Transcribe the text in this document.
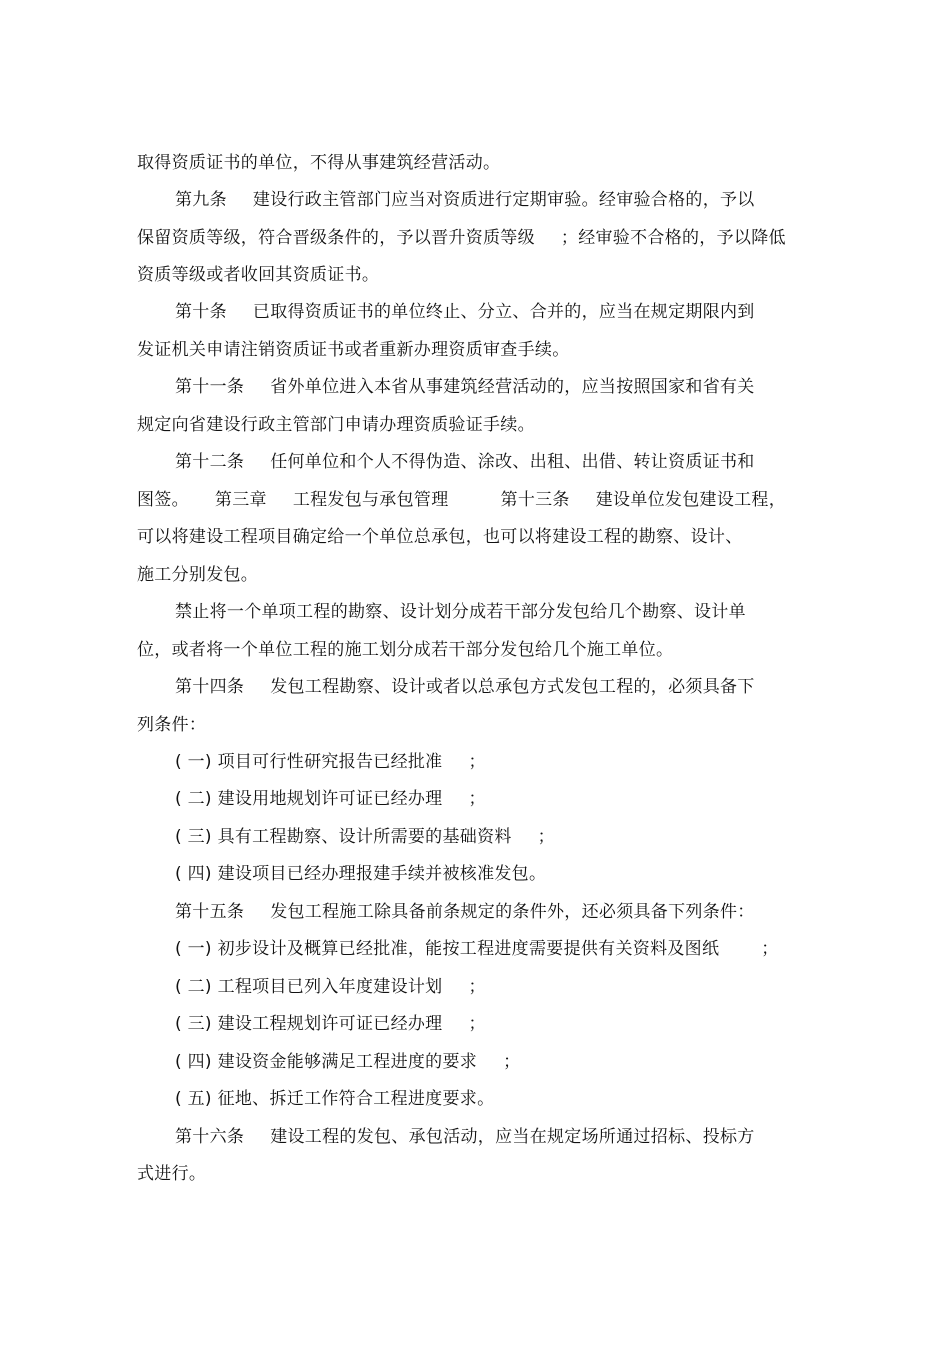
取得资质证书的单位，不得从事建筑经营活动。
第九条 建设行政主管部门应当对资质进行定期审验。经审验合格的，予以
保留资质等级，符合晋级条件的，予以晋升资质等级 ；经审验不合格的，予以降低
资质等级或者收回其资质证书。
第十条 已取得资质证书的单位终止、分立、合并的，应当在规定期限内到
发证机关申请注销资质证书或者重新办理资质审查手续。
第十一条 省外单位进入本省从事建筑经营活动的，应当按照国家和省有关
规定向省建设行政主管部门申请办理资质验证手续。
第十二条 任何单位和个人不得伪造、涂改、出租、出借、转让资质证书和
图签。 第三章 工程发包与承包管理	第十三条 建设单位发包建设工程，
可以将建设工程项目确定给一个单位总承包，也可以将建设工程的勘察、设计、
施工分别发包。
禁止将一个单项工程的勘察、设计划分成若干部分发包给几个勘察、设计单
位，或者将一个单位工程的施工划分成若干部分发包给几个施工单位。
第十四条 发包工程勘察、设计或者以总承包方式发包工程的，必须具备下
列条件：
( 一) 项目可行性研究报告已经批准 ；
( 二) 建设用地规划许可证已经办理 ；
( 三) 具有工程勘察、设计所需要的基础资料 ；
( 四) 建设项目已经办理报建手续并被核准发包。
第十五条 发包工程施工除具备前条规定的条件外，还必须具备下列条件：
( 一) 初步设计及概算已经批准，能按工程进度需要提供有关资料及图纸 ；
( 二) 工程项目已列入年度建设计划 ；
( 三) 建设工程规划许可证已经办理 ；
( 四) 建设资金能够满足工程进度的要求 ；
( 五) 征地、拆迁工作符合工程进度要求。
第十六条 建设工程的发包、承包活动，应当在规定场所通过招标、投标方
式进行。
